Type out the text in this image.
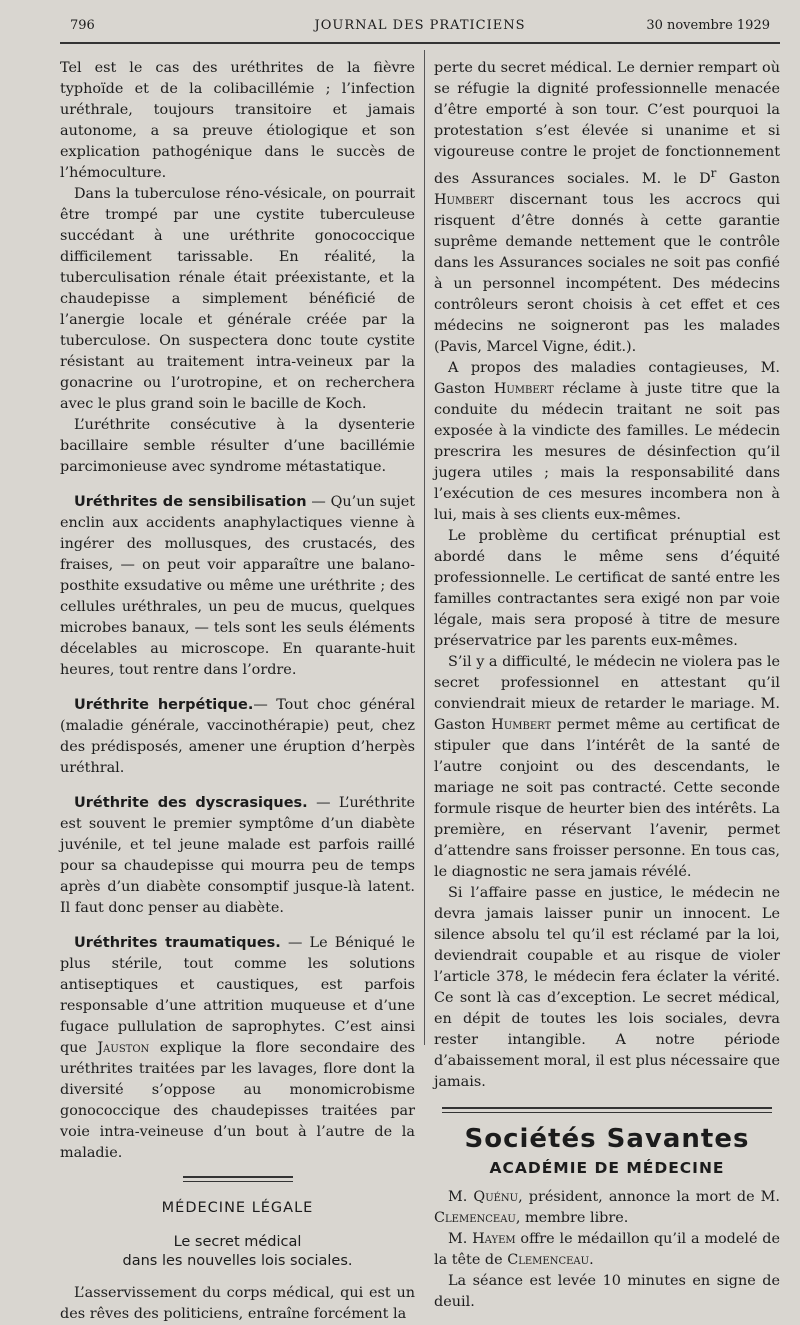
796	JOURNAL DES PRATICIENS	30 novembre 1929

Tel est le cas des uréthrites de la fièvre typhoïde et de la colibacillémie ; l’infection uréthrale, toujours transitoire et jamais autonome, a sa preuve étiologique et son explication pathogénique dans le succès de l’hémoculture.

Dans la tuberculose réno-vésicale, on pourrait être trompé par une cystite tuberculeuse succédant à une uréthrite gonococcique difficilement tarissable. En réalité, la tuberculisation rénale était préexistante, et la chaudepisse a simplement bénéficié de l’anergie locale et générale créée par la tuberculose. On suspectera donc toute cystite résistant au traitement intra-veineux par la gonacrine ou l’urotropine, et on recherchera avec le plus grand soin le bacille de Koch.

L’uréthrite consécutive à la dysenterie bacillaire semble résulter d’une bacillémie parcimonieuse avec syndrome métastatique.

Uréthrites de sensibilisation — Qu’un sujet enclin aux accidents anaphylactiques vienne à ingérer des mollusques, des crustacés, des fraises, — on peut voir apparaître une balano-posthite exsudative ou même une uréthrite ; des cellules uréthrales, un peu de mucus, quelques microbes banaux, — tels sont les seuls éléments décelables au microscope. En quarante-huit heures, tout rentre dans l’ordre.

Uréthrite herpétique.— Tout choc général (maladie générale, vaccinothérapie) peut, chez des prédisposés, amener une éruption d’herpès uréthral.

Uréthrite des dyscrasiques. — L’uréthrite est souvent le premier symptôme d’un diabète juvénile, et tel jeune malade est parfois raillé pour sa chaudepisse qui mourra peu de temps après d’un diabète consomptif jusque-là latent. Il faut donc penser au diabète.

Uréthrites traumatiques. — Le Béniqué le plus stérile, tout comme les solutions antiseptiques et caustiques, est parfois responsable d’une attrition muqueuse et d’une fugace pullulation de saprophytes. C’est ainsi que Jauston explique la flore secondaire des uréthrites traitées par les lavages, flore dont la diversité s’oppose au monomicrobisme gonococcique des chaudepisses traitées par voie intra-veineuse d’un bout à l’autre de la maladie.

MÉDECINE LÉGALE
Le secret médical
dans les nouvelles lois sociales.

L’asservissement du corps médical, qui est un des rêves des politiciens, entraîne forcément la

perte du secret médical. Le dernier rempart où se réfugie la dignité professionnelle menacée d’être emporté à son tour. C’est pourquoi la protestation s’est élevée si unanime et si vigoureuse contre le projet de fonctionnement des Assurances sociales. M. le $D^r$ Gaston Humbert discernant tous les accrocs qui risquent d’être donnés à cette garantie suprême demande nettement que le contrôle dans les Assurances sociales ne soit pas confié à un personnel incompétent. Des médecins contrôleurs seront choisis à cet effet et ces médecins ne soigneront pas les malades (Pavis, Marcel Vigne, édit.).

A propos des maladies contagieuses, M. Gaston Humbert réclame à juste titre que la conduite du médecin traitant ne soit pas exposée à la vindicte des familles. Le médecin prescrira les mesures de désinfection qu’il jugera utiles ; mais la responsabilité dans l’exécution de ces mesures incombera non à lui, mais à ses clients eux-mêmes.

Le problème du certificat prénuptial est abordé dans le même sens d’équité professionnelle. Le certificat de santé entre les familles contractantes sera exigé non par voie légale, mais sera proposé à titre de mesure préservatrice par les parents eux-mêmes.

S’il y a difficulté, le médecin ne violera pas le secret professionnel en attestant qu’il conviendrait mieux de retarder le mariage. M. Gaston Humbert permet même au certificat de stipuler que dans l’intérêt de la santé de l’autre conjoint ou des descendants, le mariage ne soit pas contracté. Cette seconde formule risque de heurter bien des intérêts. La première, en réservant l’avenir, permet d’attendre sans froisser personne. En tous cas, le diagnostic ne sera jamais révélé.

Si l’affaire passe en justice, le médecin ne devra jamais laisser punir un innocent. Le silence absolu tel qu’il est réclamé par la loi, deviendrait coupable et au risque de violer l’article 378, le médecin fera éclater la vérité. Ce sont là cas d’exception. Le secret médical, en dépit de toutes les lois sociales, devra rester intangible. A notre période d’abaissement moral, il est plus nécessaire que jamais.

Sociétés Savantes
ACADÉMIE DE MÉDECINE

M. Quénu, président, annonce la mort de M. Clemenceau, membre libre.

M. Hayem offre le médaillon qu’il a modelé de la tête de Clemenceau.

La séance est levée 10 minutes en signe de deuil.
